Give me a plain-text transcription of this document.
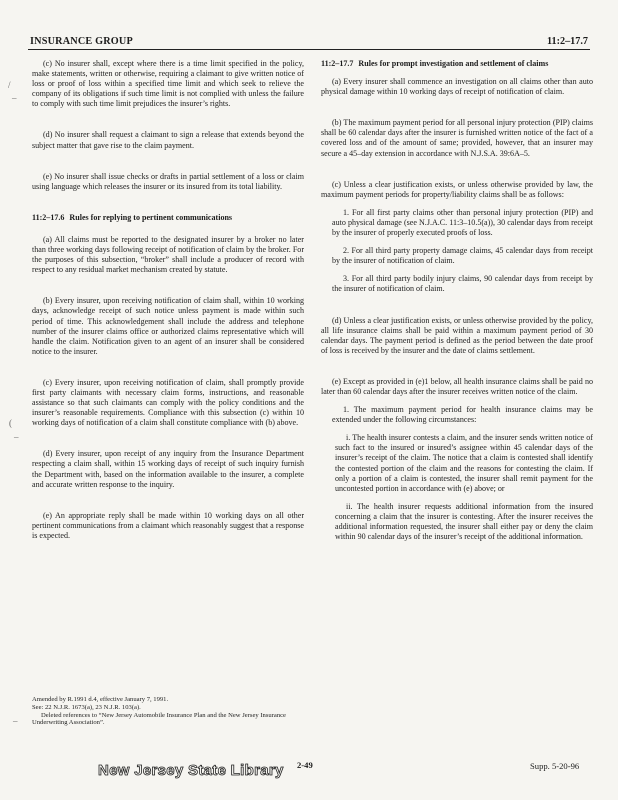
INSURANCE GROUP	11:2–17.7
/
–
(
–
–

(c) No insurer shall, except where there is a time limit specified in the policy, make statements, written or otherwise, requiring a claimant to give written notice of loss or proof of loss within a specified time limit and which seek to relieve the company of its obligations if such time limit is not complied with unless the failure to comply with such time limit prejudices the insurer’s rights.

(d) No insurer shall request a claimant to sign a release that extends beyond the subject matter that gave rise to the claim payment.

(e) No insurer shall issue checks or drafts in partial settlement of a loss or claim using language which releases the insurer or its insured from its total liability.

11:2–17.6 Rules for replying to pertinent communications

(a) All claims must be reported to the designated insurer by a broker no later than three working days following receipt of notification of claim by the broker. For the purposes of this subsection, “broker” shall include a producer of record with respect to any residual market mechanism created by statute.

(b) Every insurer, upon receiving notification of claim shall, within 10 working days, acknowledge receipt of such notice unless payment is made within such period of time. This acknowledgement shall include the address and telephone number of the insurer claims office or authorized claims representative which will handle the claim. Notification given to an agent of an insurer shall be considered notice to the insurer.

(c) Every insurer, upon receiving notification of claim, shall promptly provide first party claimants with necessary claim forms, instructions, and reasonable assistance so that such claimants can comply with the policy conditions and the insurer’s reasonable requirements. Compliance with this subsection (c) within 10 working days of notification of a claim shall constitute compliance with (b) above.

(d) Every insurer, upon receipt of any inquiry from the Insurance Department respecting a claim shall, within 15 working days of receipt of such inquiry furnish the Department with, based on the information available to the insurer, a complete and accurate written response to the inquiry.

(e) An appropriate reply shall be made within 10 working days on all other pertinent communications from a claimant which reasonably suggest that a response is expected.

Amended by R.1991 d.4, effective January 7, 1991.

See: 22 N.J.R. 1673(a), 23 N.J.R. 103(a).

Deleted references to “New Jersey Automobile Insurance Plan and the New Jersey Insurance Underwriting Association”.

11:2–17.7 Rules for prompt investigation and settlement of claims

(a) Every insurer shall commence an investigation on all claims other than auto physical damage within 10 working days of receipt of notification of claim.

(b) The maximum payment period for all personal injury protection (PIP) claims shall be 60 calendar days after the insurer is furnished written notice of the fact of a covered loss and of the amount of same; provided, however, that an insurer may secure a 45–day extension in accordance with N.J.S.A. 39:6A–5.

(c) Unless a clear justification exists, or unless otherwise provided by law, the maximum payment periods for property/liability claims shall be as follows:

1. For all first party claims other than personal injury protection (PIP) and auto physical damage (see N.J.A.C. 11:3–10.5(a)), 30 calendar days from receipt by the insurer of properly executed proofs of loss.

2. For all third party property damage claims, 45 calendar days from receipt by the insurer of notification of claim.

3. For all third party bodily injury claims, 90 calendar days from receipt by the insurer of notification of claim.

(d) Unless a clear justification exists, or unless otherwise provided by the policy, all life insurance claims shall be paid within a maximum payment period of 30 calendar days. The payment period is defined as the period between the date proof of loss is received by the insurer and the date of claims settlement.

(e) Except as provided in (e)1 below, all health insurance claims shall be paid no later than 60 calendar days after the insurer receives written notice of the claim.

1. The maximum payment period for health insurance claims may be extended under the following circumstances:

i. The health insurer contests a claim, and the insurer sends written notice of such fact to the insured or insured’s assignee within 45 calendar days of the insurer’s receipt of the claim. The notice that a claim is contested shall identify the contested portion of the claim and the reasons for contesting the claim. If only a portion of a claim is contested, the insurer shall remit payment for the uncontested portion in accordance with (e) above; or

ii. The health insurer requests additional information from the insured concerning a claim that the insurer is contesting. After the insurer receives the additional information requested, the insurer shall either pay or deny the claim within 90 calendar days of the insurer’s receipt of the additional information.

New Jersey State Library 2-49	Supp. 5-20-96
